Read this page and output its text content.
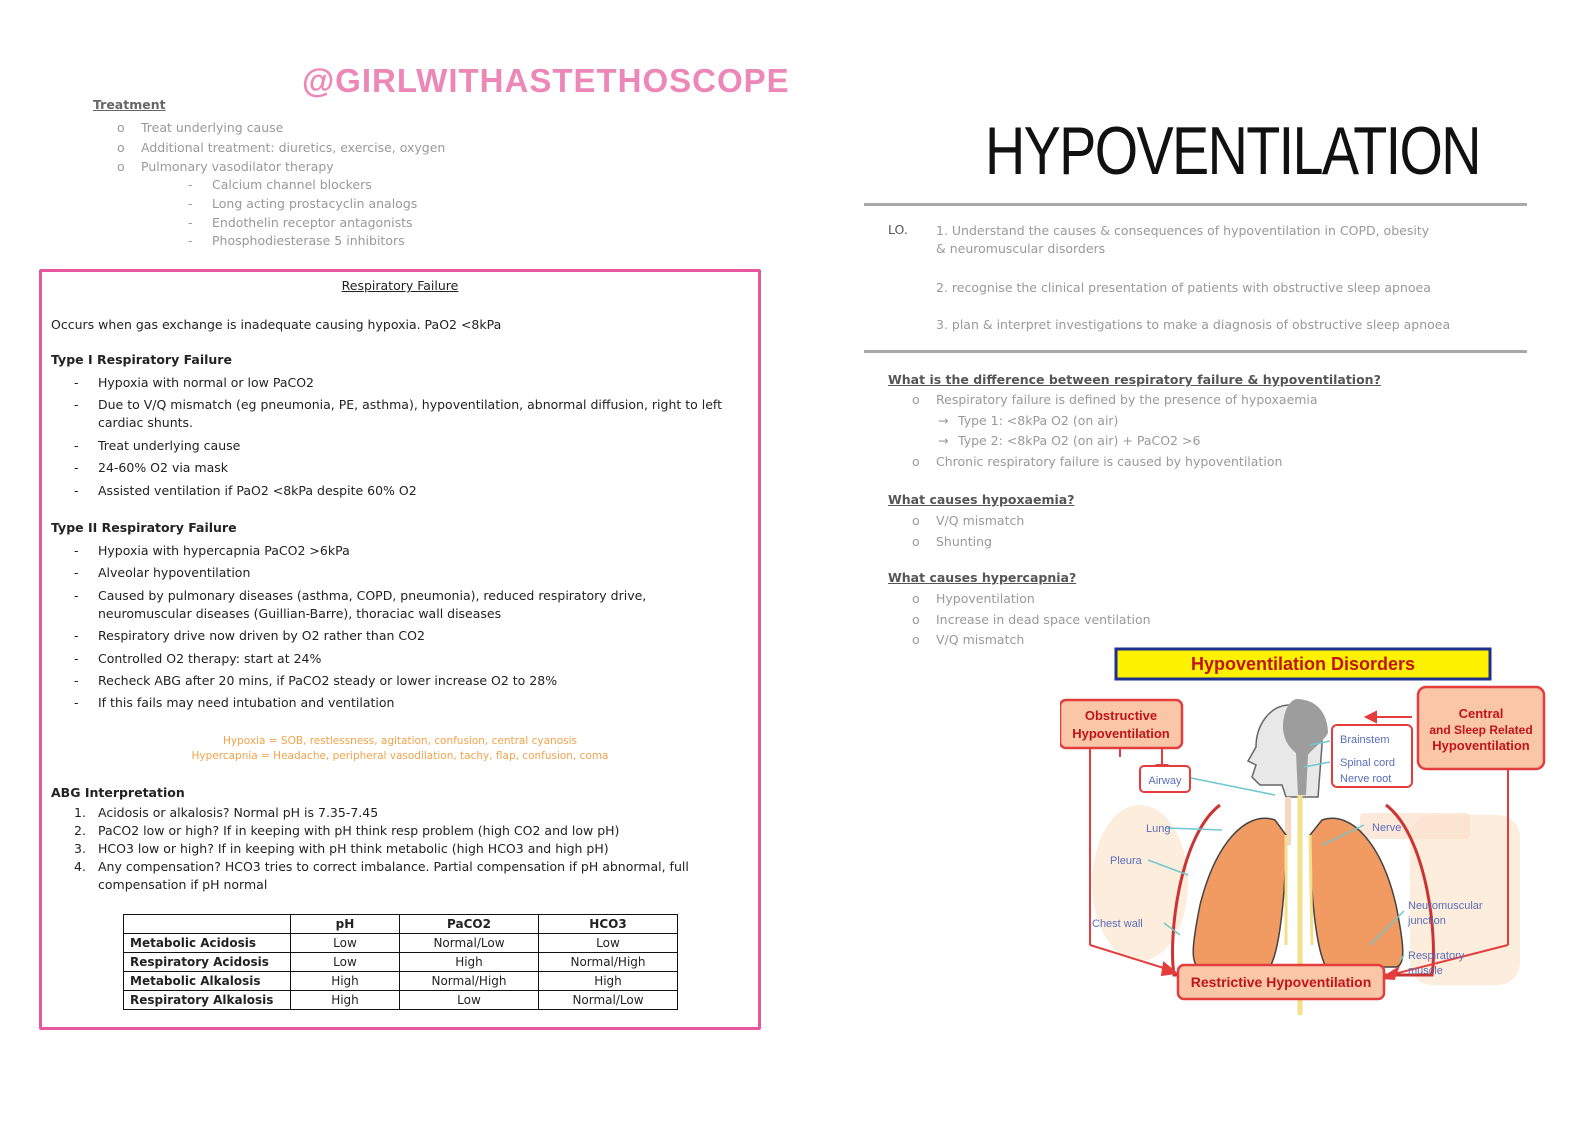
@GIRLWITHASTETHOSCOPE
Treatment
o Treat underlying cause
o Additional treatment: diuretics, exercise, oxygen
o Pulmonary vasodilator therapy
- Calcium channel blockers
- Long acting prostacyclin analogs
- Endothelin receptor antagonists
- Phosphodiesterase 5 inhibitors
Respiratory Failure
Occurs when gas exchange is inadequate causing hypoxia. PaO2 <8kPa
Type I Respiratory Failure
- Hypoxia with normal or low PaCO2
- Due to V/Q mismatch (eg pneumonia, PE, asthma), hypoventilation, abnormal diffusion, right to left cardiac shunts.
- Treat underlying cause
- 24-60% O2 via mask
- Assisted ventilation if PaO2 <8kPa despite 60% O2
Type II Respiratory Failure
- Hypoxia with hypercapnia PaCO2 >6kPa
- Alveolar hypoventilation
- Caused by pulmonary diseases (asthma, COPD, pneumonia), reduced respiratory drive, neuromuscular diseases (Guillian-Barre), thoraciac wall diseases
- Respiratory drive now driven by O2 rather than CO2
- Controlled O2 therapy: start at 24%
- Recheck ABG after 20 mins, if PaCO2 steady or lower increase O2 to 28%
- If this fails may need intubation and ventilation
Hypoxia = SOB, restlessness, agitation, confusion, central cyanosis
Hypercapnia = Headache, peripheral vasodilation, tachy, flap, confusion, coma
ABG Interpretation
1. Acidosis or alkalosis? Normal pH is 7.35-7.45
2. PaCO2 low or high? If in keeping with pH think resp problem (high CO2 and low pH)
3. HCO3 low or high? If in keeping with pH think metabolic (high HCO3 and high pH)
4. Any compensation? HCO3 tries to correct imbalance. Partial compensation if pH abnormal, full compensation if pH normal
	pH	PaCO2	HCO3
Metabolic Acidosis	Low	Normal/Low	Low
Respiratory Acidosis	Low	High	Normal/High
Metabolic Alkalosis	High	Normal/High	High
Respiratory Alkalosis	High	Low	Normal/Low
HYPOVENTILATION
LO. 1. Understand the causes & consequences of hypoventilation in COPD, obesity & neuromuscular disorders
2. recognise the clinical presentation of patients with obstructive sleep apnoea
3. plan & interpret investigations to make a diagnosis of obstructive sleep apnoea
What is the difference between respiratory failure & hypoventilation?
o Respiratory failure is defined by the presence of hypoxaemia
→ Type 1: <8kPa O2 (on air)
→ Type 2: <8kPa O2 (on air) + PaCO2 >6
o Chronic respiratory failure is caused by hypoventilation
What causes hypoxaemia?
o V/Q mismatch
o Shunting
What causes hypercapnia?
o Hypoventilation
o Increase in dead space ventilation
o V/Q mismatch
Hypoventilation Disorders
Obstructive
Hypoventilation
Central
and Sleep Related
Hypoventilation
Brainstem
Spinal cord
Nerve root
Airway
Lung
Pleura
Chest wall
Nerve
Neuromuscular
junction
Respiratory
muscle
Restrictive Hypoventilation
